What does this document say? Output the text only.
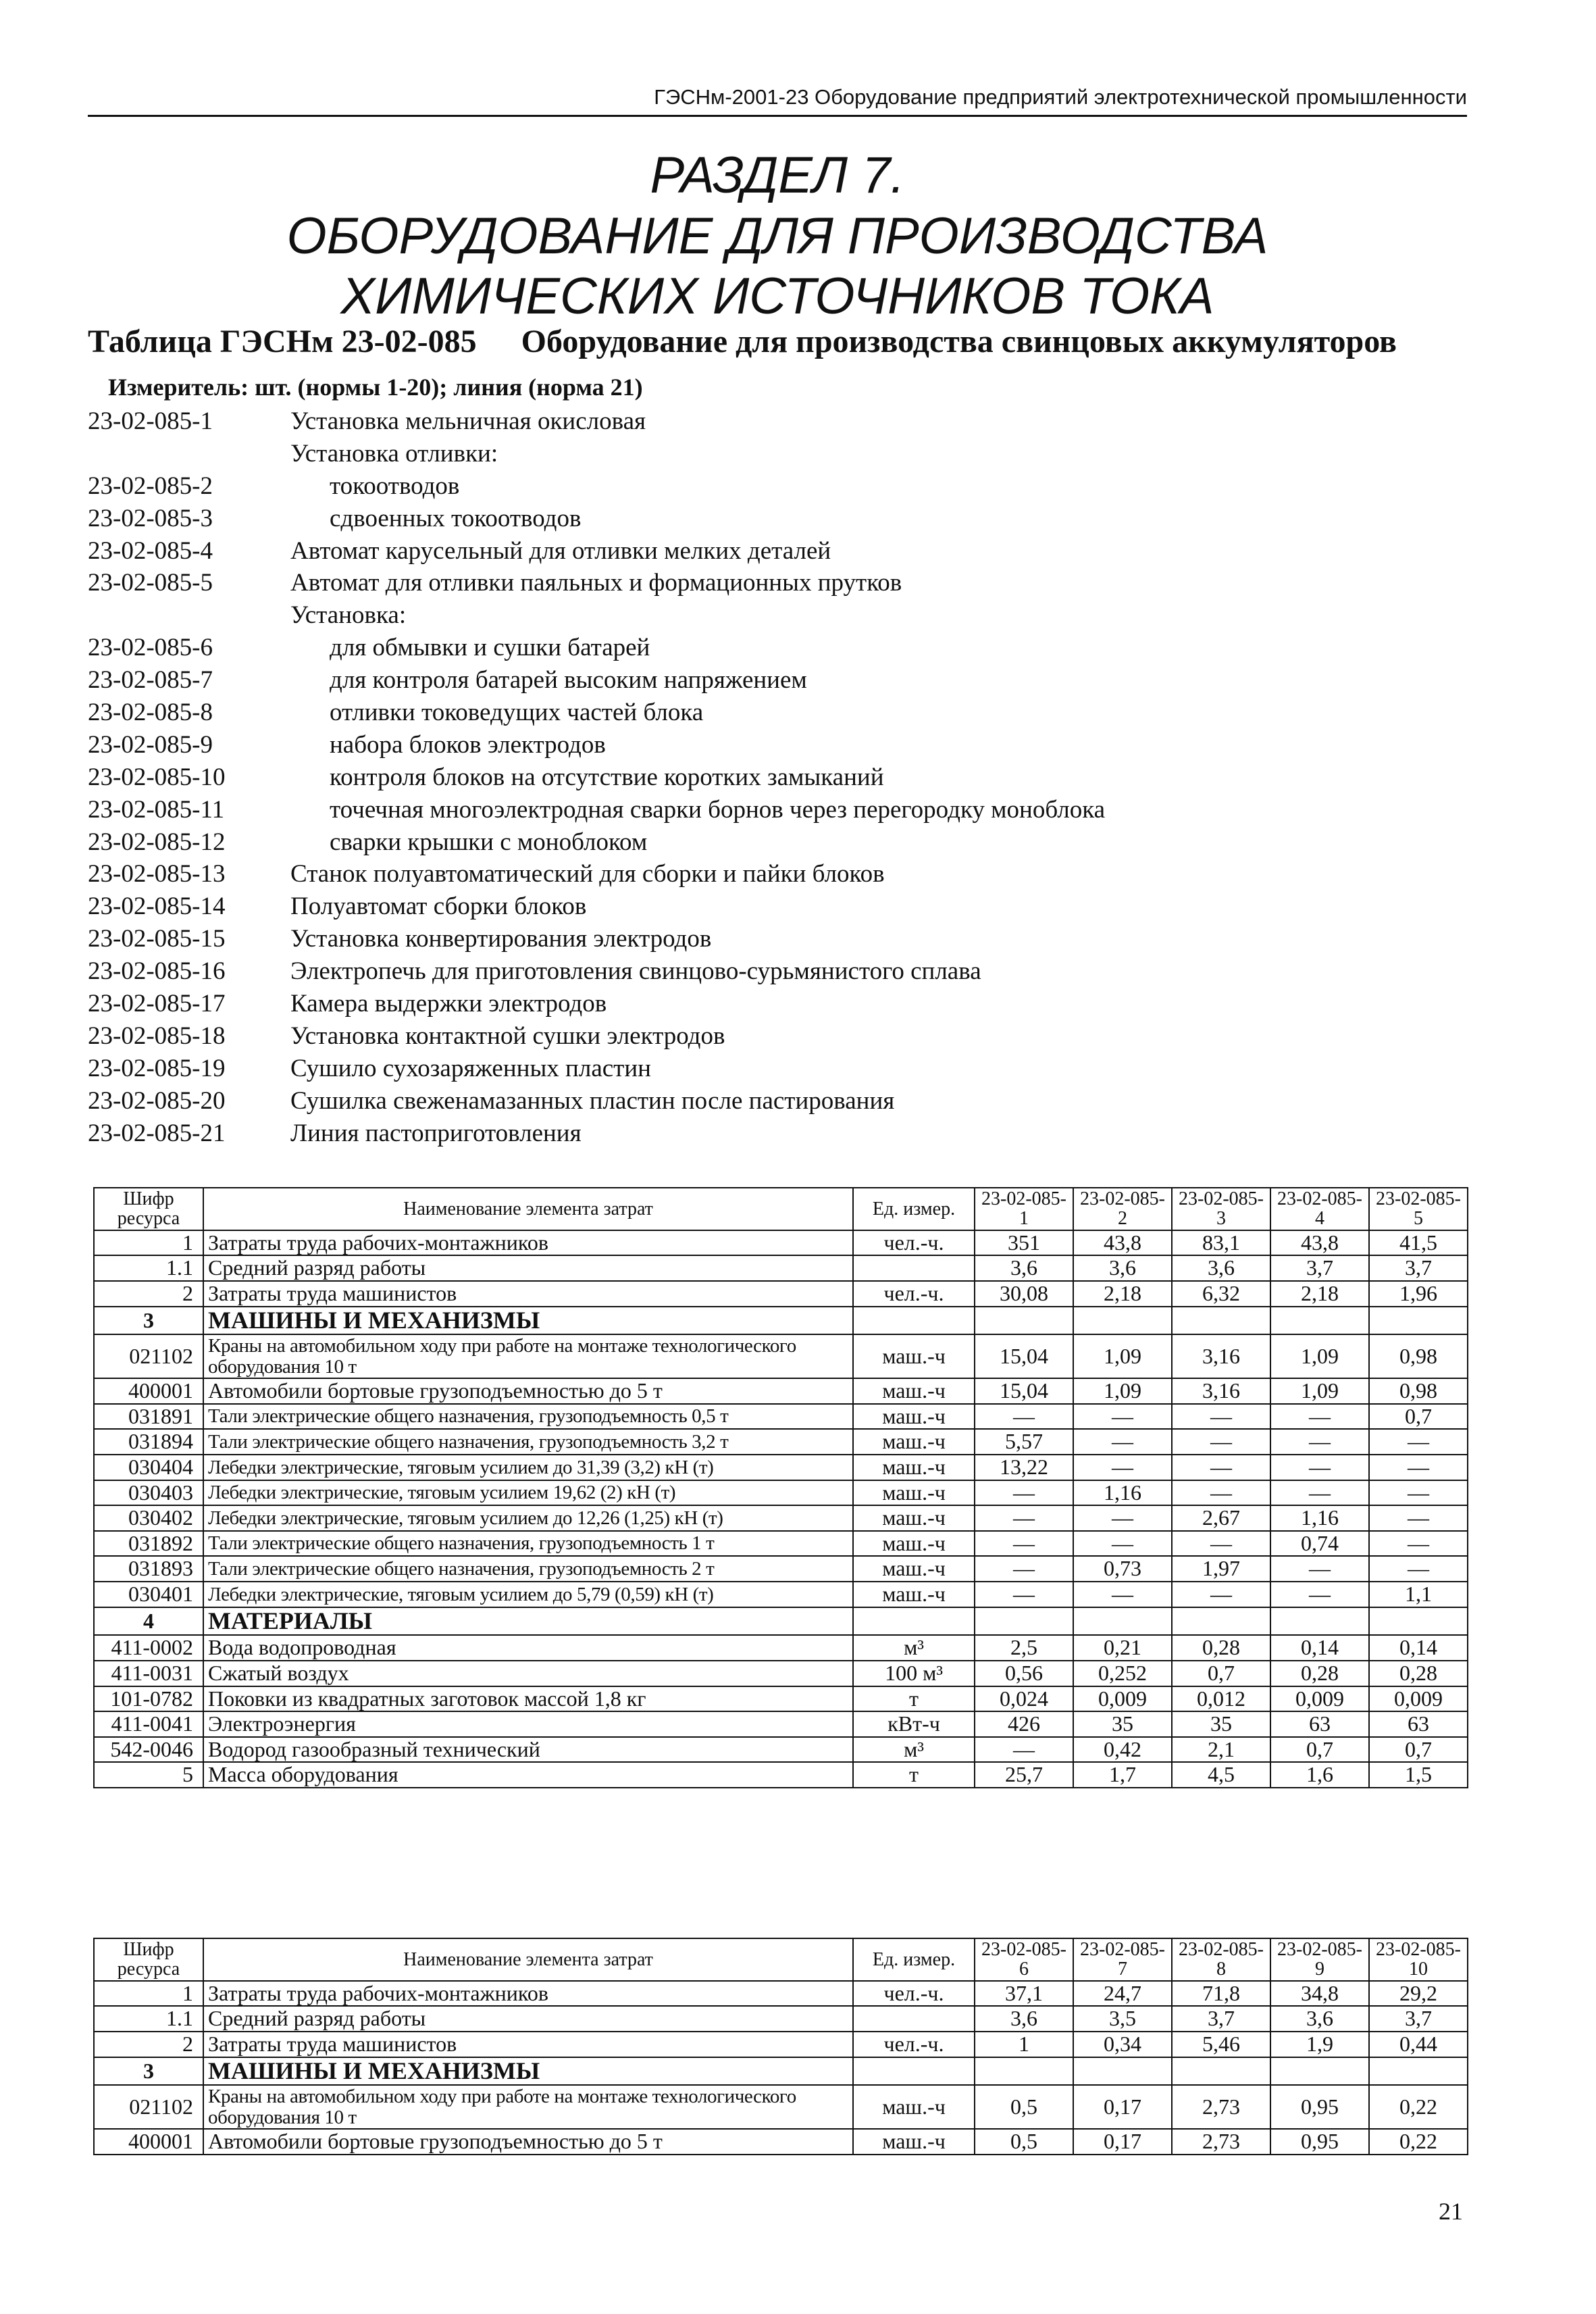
ГЭСНм-2001-23 Оборудование предприятий электротехнической промышленности
РАЗДЕЛ 7.
ОБОРУДОВАНИЕ ДЛЯ ПРОИЗВОДСТВА
ХИМИЧЕСКИХ ИСТОЧНИКОВ ТОКА
Таблица ГЭСНм 23-02-085 Оборудование для производства свинцовых аккумуляторов
Измеритель: шт. (нормы 1-20); линия (норма 21)
23-02-085-1	Установка мельничная окисловая
Установка отливки:
23-02-085-2	токоотводов
23-02-085-3	сдвоенных токоотводов
23-02-085-4	Автомат карусельный для отливки мелких деталей
23-02-085-5	Автомат для отливки паяльных и формационных прутков
Установка:
23-02-085-6	для обмывки и сушки батарей
23-02-085-7	для контроля батарей высоким напряжением
23-02-085-8	отливки токоведущих частей блока
23-02-085-9	набора блоков электродов
23-02-085-10	контроля блоков на отсутствие коротких замыканий
23-02-085-11	точечная многоэлектродная сварки борнов через перегородку моноблока
23-02-085-12	сварки крышки с моноблоком
23-02-085-13	Станок полуавтоматический для сборки и пайки блоков
23-02-085-14	Полуавтомат сборки блоков
23-02-085-15	Установка конвертирования электродов
23-02-085-16	Электропечь для приготовления свинцово-сурьмянистого сплава
23-02-085-17	Камера выдержки электродов
23-02-085-18	Установка контактной сушки электродов
23-02-085-19	Сушило сухозаряженных пластин
23-02-085-20	Сушилка свеженамазанных пластин после пастирования
23-02-085-21	Линия пастоприготовления
Шифр ресурса	Наименование элемента затрат	Ед. измер.	23-02-085-1	23-02-085-2	23-02-085-3	23-02-085-4	23-02-085-5
1	Затраты труда рабочих-монтажников	чел.-ч.	351	43,8	83,1	43,8	41,5
1.1	Средний разряд работы		3,6	3,6	3,6	3,7	3,7
2	Затраты труда машинистов	чел.-ч.	30,08	2,18	6,32	2,18	1,96
3	МАШИНЫ И МЕХАНИЗМЫ						
021102	Краны на автомобильном ходу при работе на монтаже технологического оборудования 10 т	маш.-ч	15,04	1,09	3,16	1,09	0,98
400001	Автомобили бортовые грузоподъемностью до 5 т	маш.-ч	15,04	1,09	3,16	1,09	0,98
031891	Тали электрические общего назначения, грузоподъемность 0,5 т	маш.-ч	—	—	—	—	0,7
031894	Тали электрические общего назначения, грузоподъемность 3,2 т	маш.-ч	5,57	—	—	—	—
030404	Лебедки электрические, тяговым усилием до 31,39 (3,2) кН (т)	маш.-ч	13,22	—	—	—	—
030403	Лебедки электрические, тяговым усилием 19,62 (2) кН (т)	маш.-ч	—	1,16	—	—	—
030402	Лебедки электрические, тяговым усилием до 12,26 (1,25) кН (т)	маш.-ч	—	—	2,67	1,16	—
031892	Тали электрические общего назначения, грузоподъемность 1 т	маш.-ч	—	—	—	0,74	—
031893	Тали электрические общего назначения, грузоподъемность 2 т	маш.-ч	—	0,73	1,97	—	—
030401	Лебедки электрические, тяговым усилием до 5,79 (0,59) кН (т)	маш.-ч	—	—	—	—	1,1
4	МАТЕРИАЛЫ						
411-0002	Вода водопроводная	м³	2,5	0,21	0,28	0,14	0,14
411-0031	Сжатый воздух	100 м³	0,56	0,252	0,7	0,28	0,28
101-0782	Поковки из квадратных заготовок массой 1,8 кг	т	0,024	0,009	0,012	0,009	0,009
411-0041	Электроэнергия	кВт-ч	426	35	35	63	63
542-0046	Водород газообразный технический	м³	—	0,42	2,1	0,7	0,7
5	Масса оборудования	т	25,7	1,7	4,5	1,6	1,5
Шифр ресурса	Наименование элемента затрат	Ед. измер.	23-02-085-6	23-02-085-7	23-02-085-8	23-02-085-9	23-02-085-10
1	Затраты труда рабочих-монтажников	чел.-ч.	37,1	24,7	71,8	34,8	29,2
1.1	Средний разряд работы		3,6	3,5	3,7	3,6	3,7
2	Затраты труда машинистов	чел.-ч.	1	0,34	5,46	1,9	0,44
3	МАШИНЫ И МЕХАНИЗМЫ						
021102	Краны на автомобильном ходу при работе на монтаже технологического оборудования 10 т	маш.-ч	0,5	0,17	2,73	0,95	0,22
400001	Автомобили бортовые грузоподъемностью до 5 т	маш.-ч	0,5	0,17	2,73	0,95	0,22
21
